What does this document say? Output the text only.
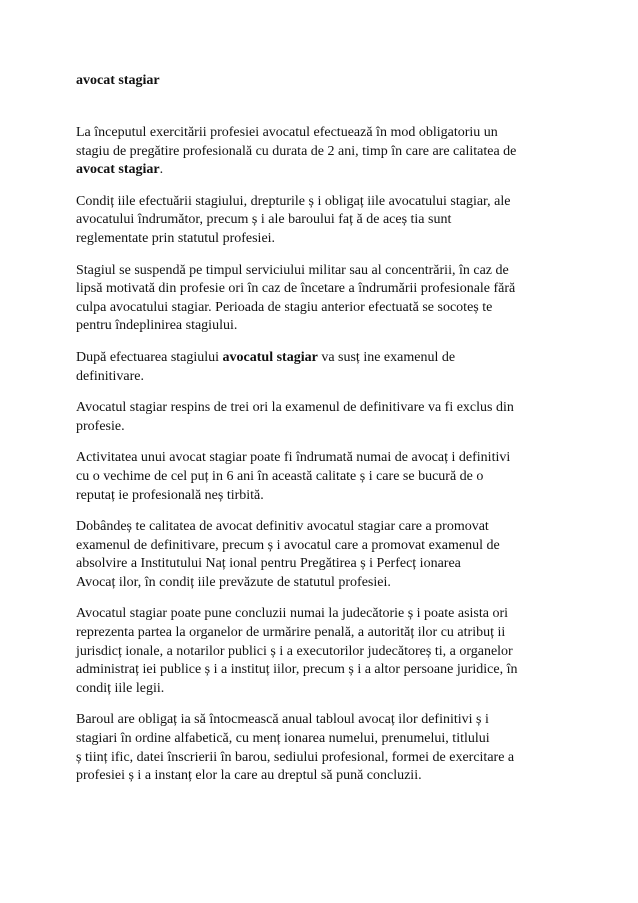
avocat stagiar
La începutul exercitării profesiei avocatul efectuează în mod obligatoriu un
stagiu de pregătire profesională cu durata de 2 ani, timp în care are calitatea de
avocat stagiar.
Condiț iile efectuării stagiului, drepturile ș i obligaț iile avocatului stagiar, ale
avocatului îndrumător, precum ș i ale baroului faț ă de aceș tia sunt
reglementate prin statutul profesiei.
Stagiul se suspendă pe timpul serviciului militar sau al concentrării, în caz de
lipsă motivată din profesie ori în caz de încetare a îndrumării profesionale fără
culpa avocatului stagiar. Perioada de stagiu anterior efectuată se socoteș te
pentru îndeplinirea stagiului.
După efectuarea stagiului avocatul stagiar va susț ine examenul de
definitivare.
Avocatul stagiar respins de trei ori la examenul de definitivare va fi exclus din
profesie.
Activitatea unui avocat stagiar poate fi îndrumată numai de avocaț i definitivi
cu o vechime de cel puț in 6 ani în această calitate ș i care se bucură de o
reputaț ie profesională neș tirbită.
Dobândeș te calitatea de avocat definitiv avocatul stagiar care a promovat
examenul de definitivare, precum ș i avocatul care a promovat examenul de
absolvire a Institutului Naț ional pentru Pregătirea ș i Perfecț ionarea
Avocaț ilor, în condiț iile prevăzute de statutul profesiei.
Avocatul stagiar poate pune concluzii numai la judecătorie ș i poate asista ori
reprezenta partea la organelor de urmărire penală, a autorităț ilor cu atribuț ii
jurisdicț ionale, a notarilor publici ș i a executorilor judecătoreș ti, a organelor
administraț iei publice ș i a instituț iilor, precum ș i a altor persoane juridice, în
condiț iile legii.
Baroul are obligaț ia să întocmească anual tabloul avocaț ilor definitivi ș i
stagiari în ordine alfabetică, cu menț ionarea numelui, prenumelui, titlului
ș tiinț ific, datei înscrierii în barou, sediului profesional, formei de exercitare a
profesiei ș i a instanț elor la care au dreptul să pună concluzii.
